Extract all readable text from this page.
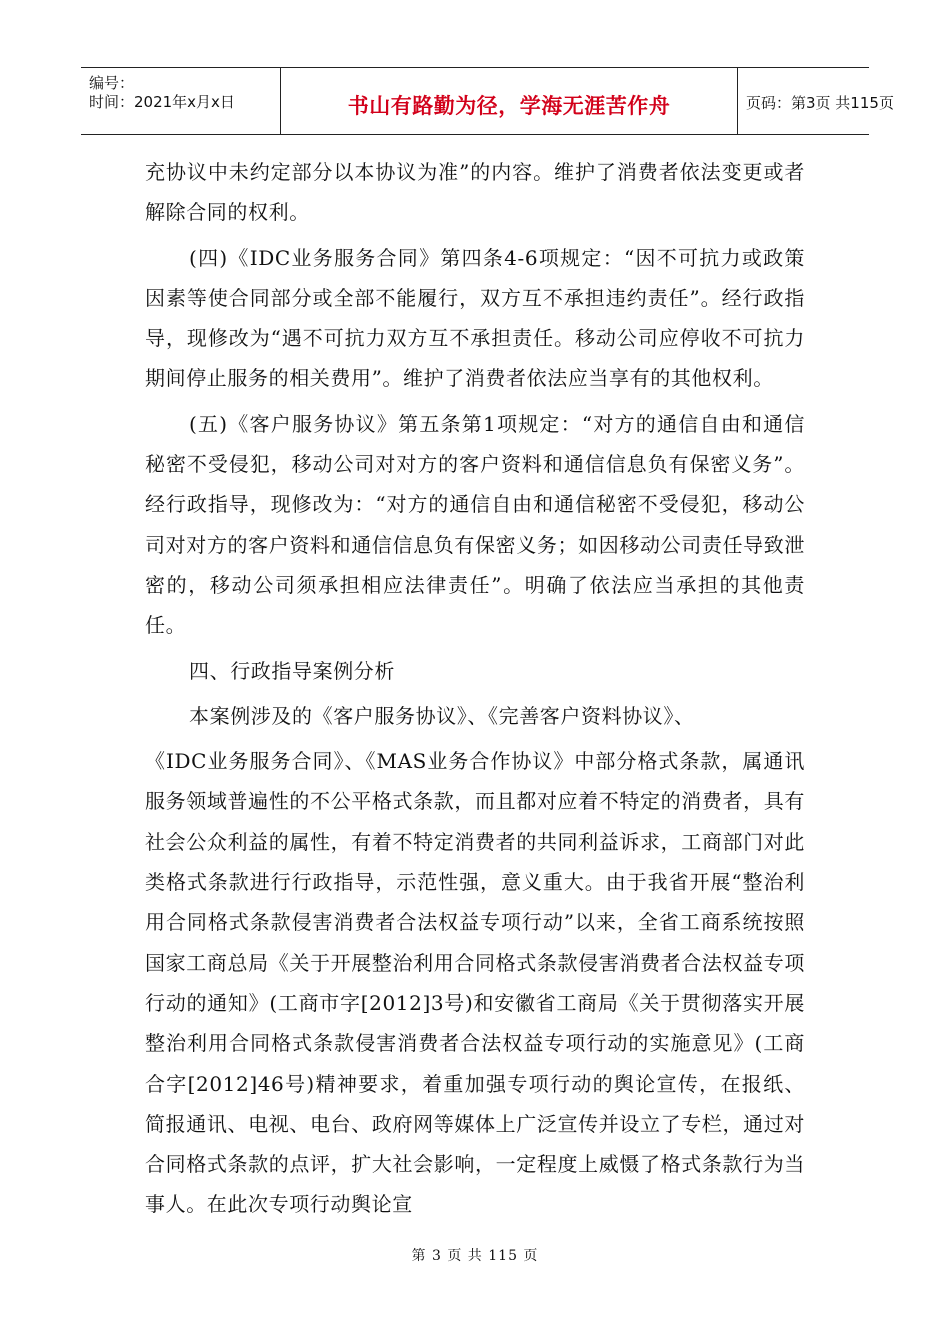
编号：
时间：2021年x月x日	书山有路勤为径，学海无涯苦作舟	页码：第3页 共115页

充协议中未约定部分以本协议为准”的内容。维护了消费者依法变更或者解除合同的权利。

(四)《IDC业务服务合同》第四条4-6项规定：“因不可抗力或政策因素等使合同部分或全部不能履行，双方互不承担违约责任”。经行政指导，现修改为“遇不可抗力双方互不承担责任。移动公司应停收不可抗力期间停止服务的相关费用”。维护了消费者依法应当享有的其他权利。

(五)《客户服务协议》第五条第1项规定：“对方的通信自由和通信秘密不受侵犯，移动公司对对方的客户资料和通信信息负有保密义务”。经行政指导，现修改为：“对方的通信自由和通信秘密不受侵犯，移动公司对对方的客户资料和通信信息负有保密义务；如因移动公司责任导致泄密的，移动公司须承担相应法律责任”。明确了依法应当承担的其他责任。

四、行政指导案例分析

本案例涉及的《客户服务协议》、《完善客户资料协议》、

《IDC业务服务合同》、《MAS业务合作协议》中部分格式条款，属通讯服务领域普遍性的不公平格式条款，而且都对应着不特定的消费者，具有社会公众利益的属性，有着不特定消费者的共同利益诉求，工商部门对此类格式条款进行行政指导，示范性强，意义重大。由于我省开展“整治利用合同格式条款侵害消费者合法权益专项行动”以来，全省工商系统按照国家工商总局《关于开展整治利用合同格式条款侵害消费者合法权益专项行动的通知》(工商市字[2012]3号)和安徽省工商局《关于贯彻落实开展整治利用合同格式条款侵害消费者合法权益专项行动的实施意见》(工商合字[2012]46号)精神要求，着重加强专项行动的舆论宣传，在报纸、简报通讯、电视、电台、政府网等媒体上广泛宣传并设立了专栏，通过对合同格式条款的点评，扩大社会影响，一定程度上威慑了格式条款行为当事人。在此次专项行动舆论宣

第 3 页 共 115 页
